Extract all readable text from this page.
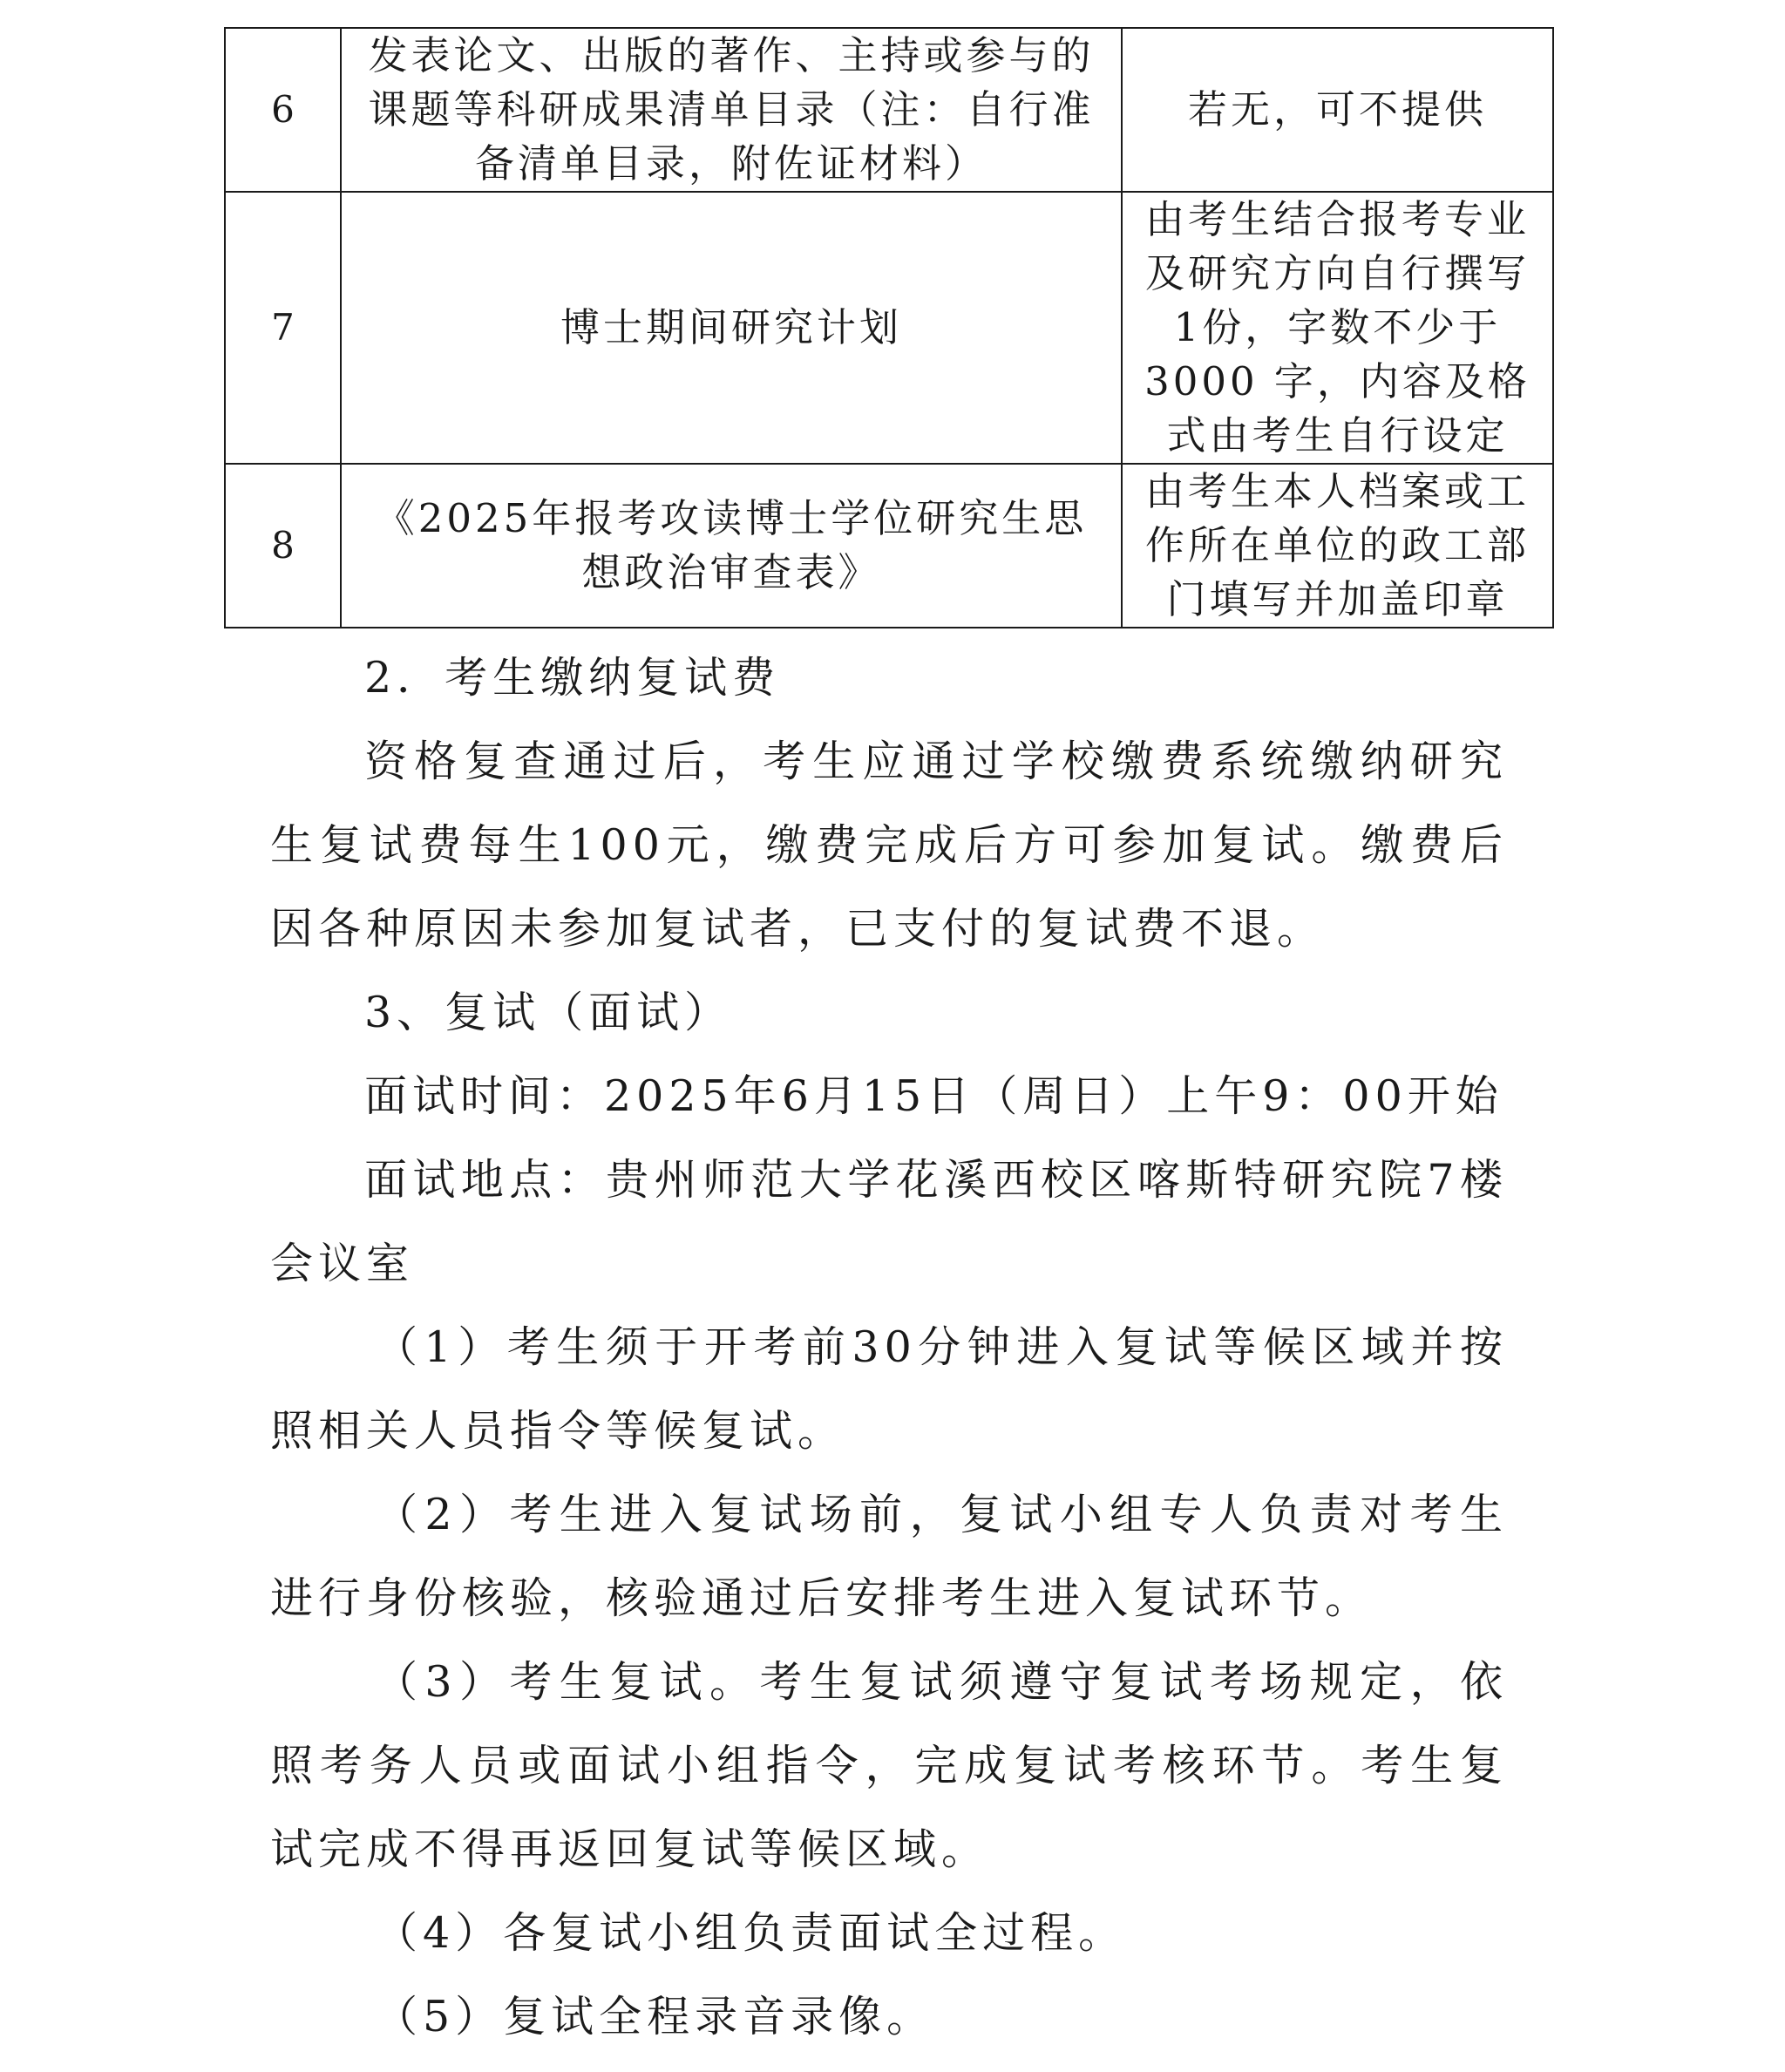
6	发表论文、出版的著作、主持或参与的课题等科研成果清单目录（注：自行准备清单目录，附佐证材料）	若无，可不提供
7	博士期间研究计划	由考生结合报考专业及研究方向自行撰写1份，字数不少于 3000 字，内容及格式由考生自行设定
8	《2025年报考攻读博士学位研究生思想政治审查表》	由考生本人档案或工作所在单位的政工部门填写并加盖印章

2．考生缴纳复试费

资格复查通过后，考生应通过学校缴费系统缴纳研究生复试费每生100元，缴费完成后方可参加复试。缴费后因各种原因未参加复试者，已支付的复试费不退。

3、复试（面试）

面试时间：2025年6月15日（周日）上午9：00开始

面试地点：贵州师范大学花溪西校区喀斯特研究院7楼会议室

（1）考生须于开考前30分钟进入复试等候区域并按照相关人员指令等候复试。

（2）考生进入复试场前，复试小组专人负责对考生进行身份核验，核验通过后安排考生进入复试环节。

（3）考生复试。考生复试须遵守复试考场规定，依照考务人员或面试小组指令，完成复试考核环节。考生复试完成不得再返回复试等候区域。

（4）各复试小组负责面试全过程。

（5）复试全程录音录像。
